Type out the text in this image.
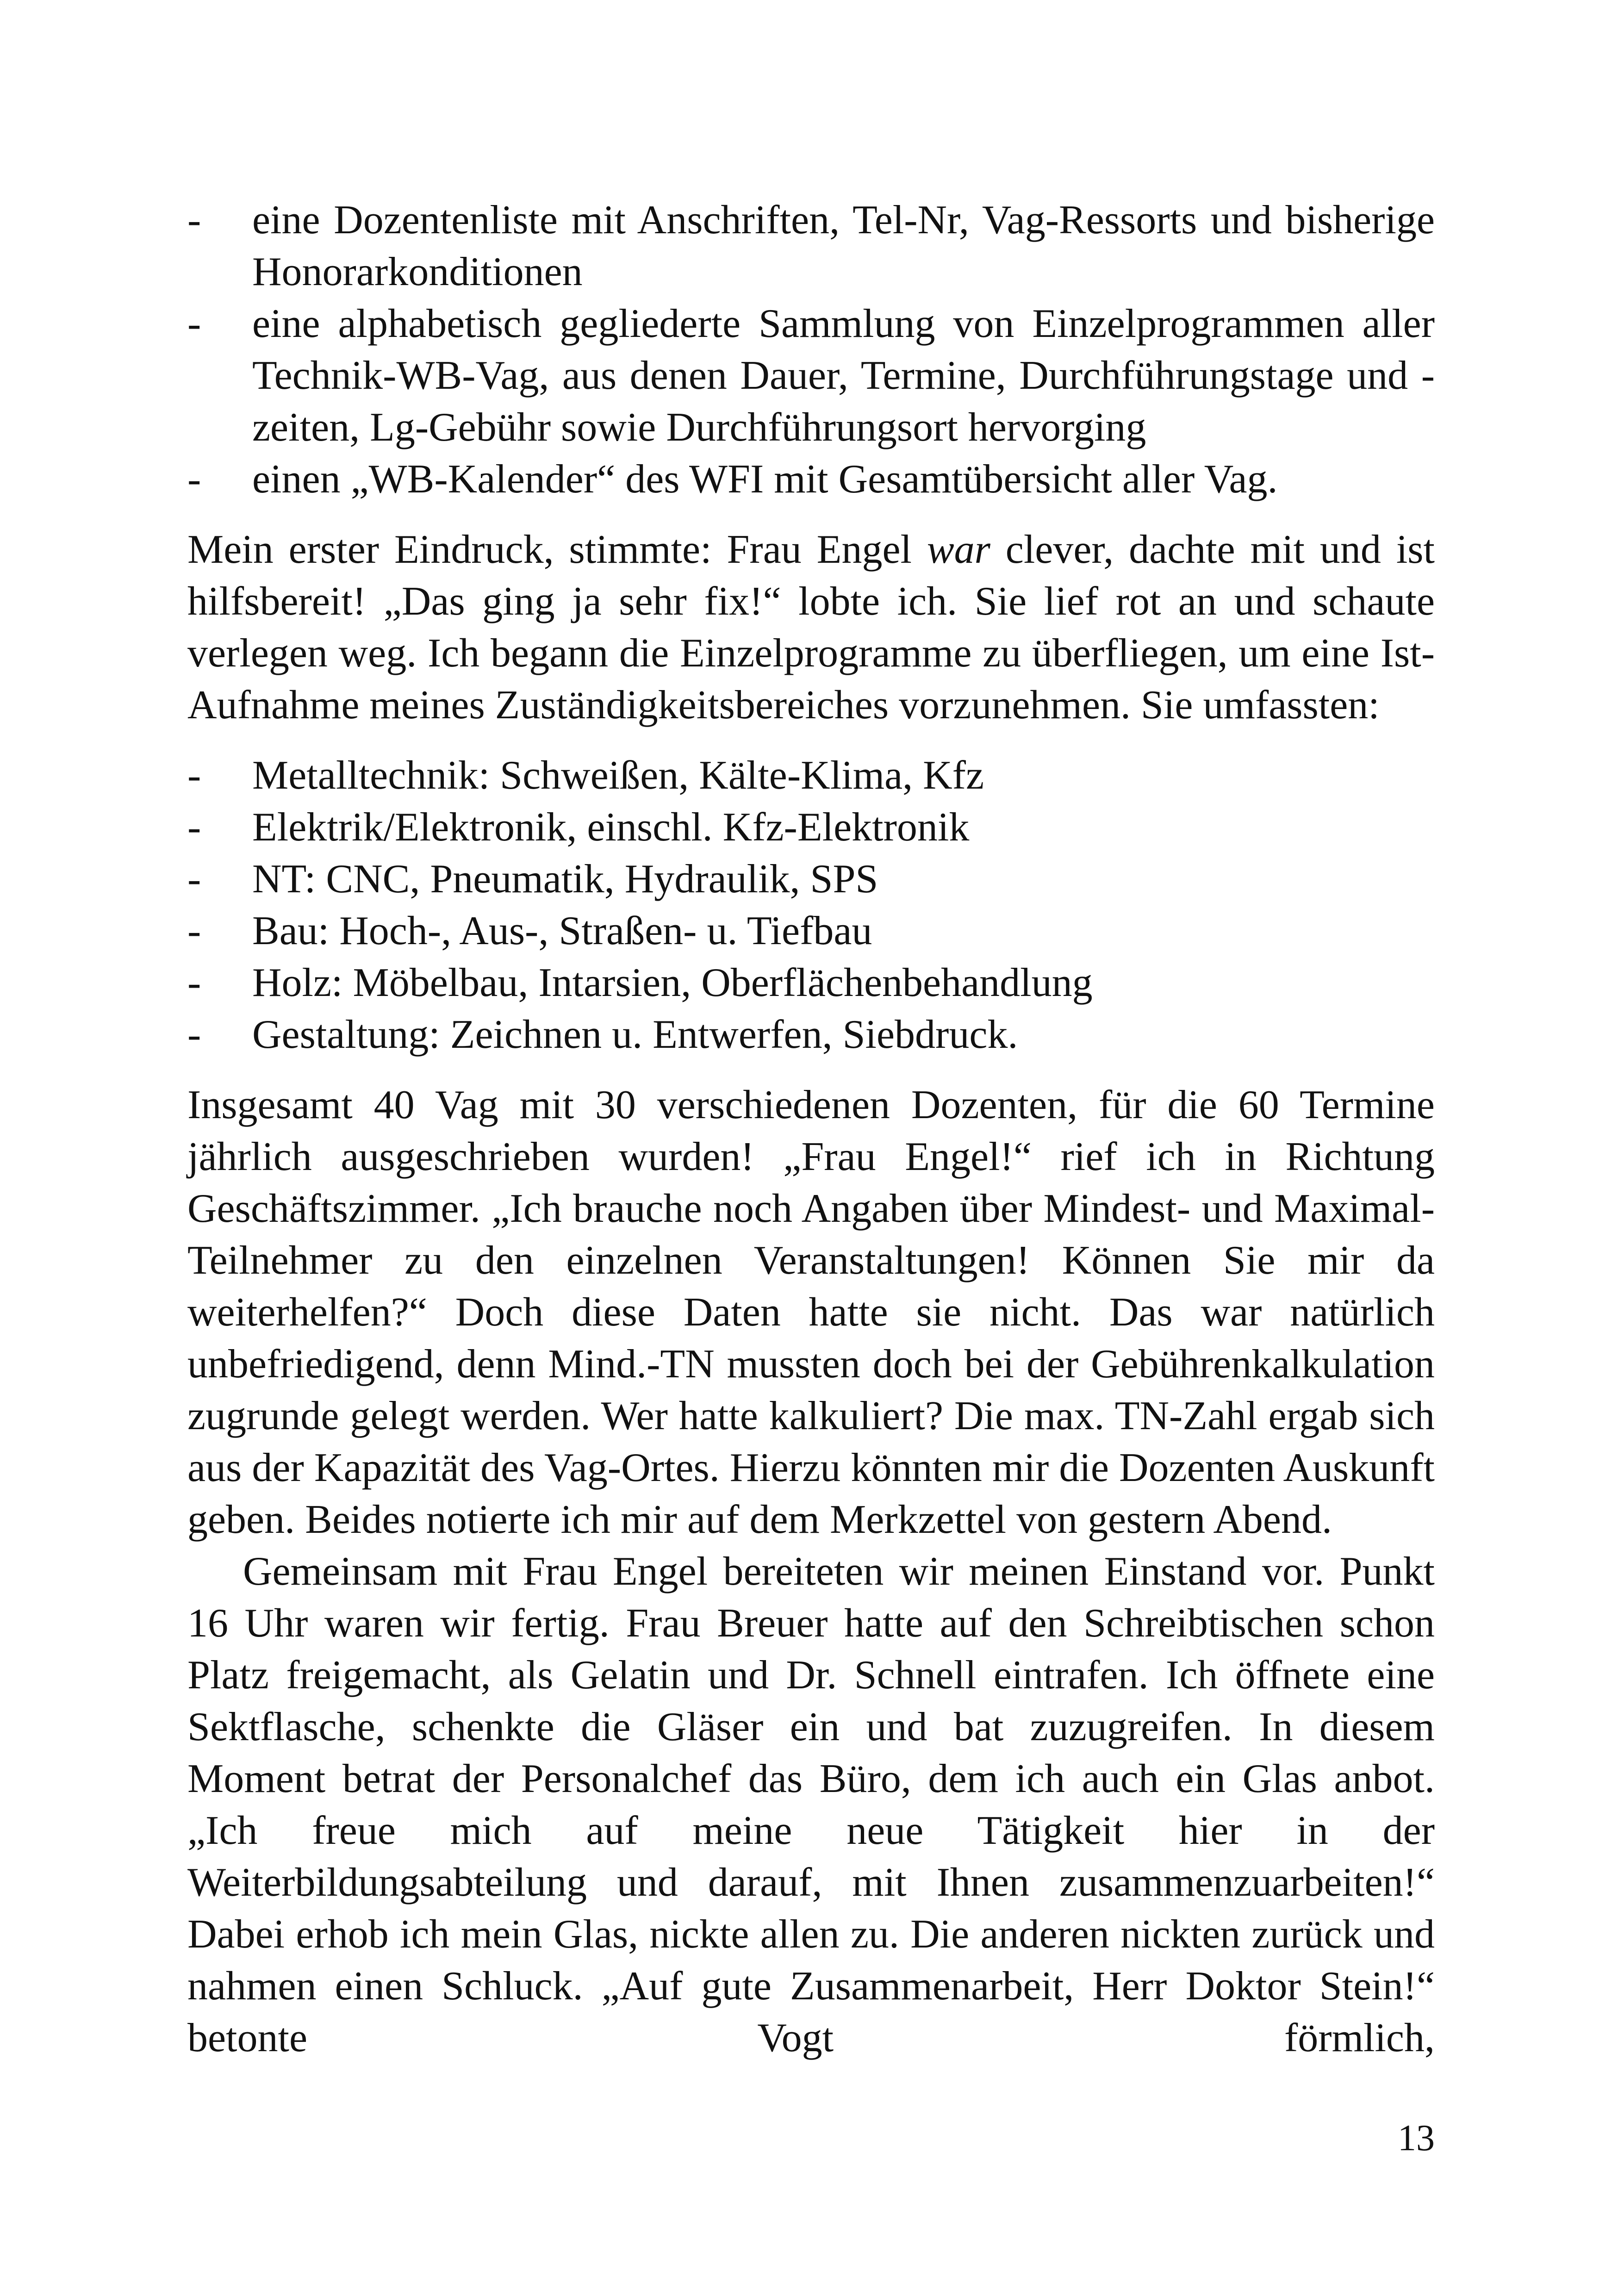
- eine Dozentenliste mit Anschriften, Tel-Nr, Vag-Ressorts und bisherige Honorarkonditionen
- eine alphabetisch gegliederte Sammlung von Einzelprogrammen aller Technik-WB-Vag, aus denen Dauer, Termine, Durchführungstage und -zeiten, Lg-Gebühr sowie Durchführungsort hervorging
- einen „WB-Kalender“ des WFI mit Gesamtübersicht aller Vag.

Mein erster Eindruck, stimmte: Frau Engel war clever, dachte mit und ist hilfsbereit! „Das ging ja sehr fix!“ lobte ich. Sie lief rot an und schaute verlegen weg. Ich begann die Einzelprogramme zu überfliegen, um eine Ist-Aufnahme meines Zuständigkeitsbereiches vorzunehmen. Sie umfassten:

- Metalltechnik: Schweißen, Kälte-Klima, Kfz
- Elektrik/Elektronik, einschl. Kfz-Elektronik
- NT: CNC, Pneumatik, Hydraulik, SPS
- Bau: Hoch-, Aus-, Straßen- u. Tiefbau
- Holz: Möbelbau, Intarsien, Oberflächenbehandlung
- Gestaltung: Zeichnen u. Entwerfen, Siebdruck.

Insgesamt 40 Vag mit 30 verschiedenen Dozenten, für die 60 Termine jährlich ausgeschrieben wurden! „Frau Engel!“ rief ich in Richtung Geschäftszimmer. „Ich brauche noch Angaben über Mindest- und Maximal-Teilnehmer zu den einzelnen Veranstaltungen! Können Sie mir da weiterhelfen?“ Doch diese Daten hatte sie nicht. Das war natürlich unbefriedigend, denn Mind.-TN mussten doch bei der Gebührenkalkulation zugrunde gelegt werden. Wer hatte kalkuliert? Die max. TN-Zahl ergab sich aus der Kapazität des Vag-Ortes. Hierzu könnten mir die Dozenten Auskunft geben. Beides notierte ich mir auf dem Merkzettel von gestern Abend.

Gemeinsam mit Frau Engel bereiteten wir meinen Einstand vor. Punkt 16 Uhr waren wir fertig. Frau Breuer hatte auf den Schreibtischen schon Platz freigemacht, als Gelatin und Dr. Schnell eintrafen. Ich öffnete eine Sektflasche, schenkte die Gläser ein und bat zuzugreifen. In diesem Moment betrat der Personalchef das Büro, dem ich auch ein Glas anbot. „Ich freue mich auf meine neue Tätigkeit hier in der Weiterbildungsabteilung und darauf, mit Ihnen zusammenzuarbeiten!“ Dabei erhob ich mein Glas, nickte allen zu. Die anderen nickten zurück und nahmen einen Schluck. „Auf gute Zusammenarbeit, Herr Doktor Stein!“ betonte Vogt förmlich,

13
